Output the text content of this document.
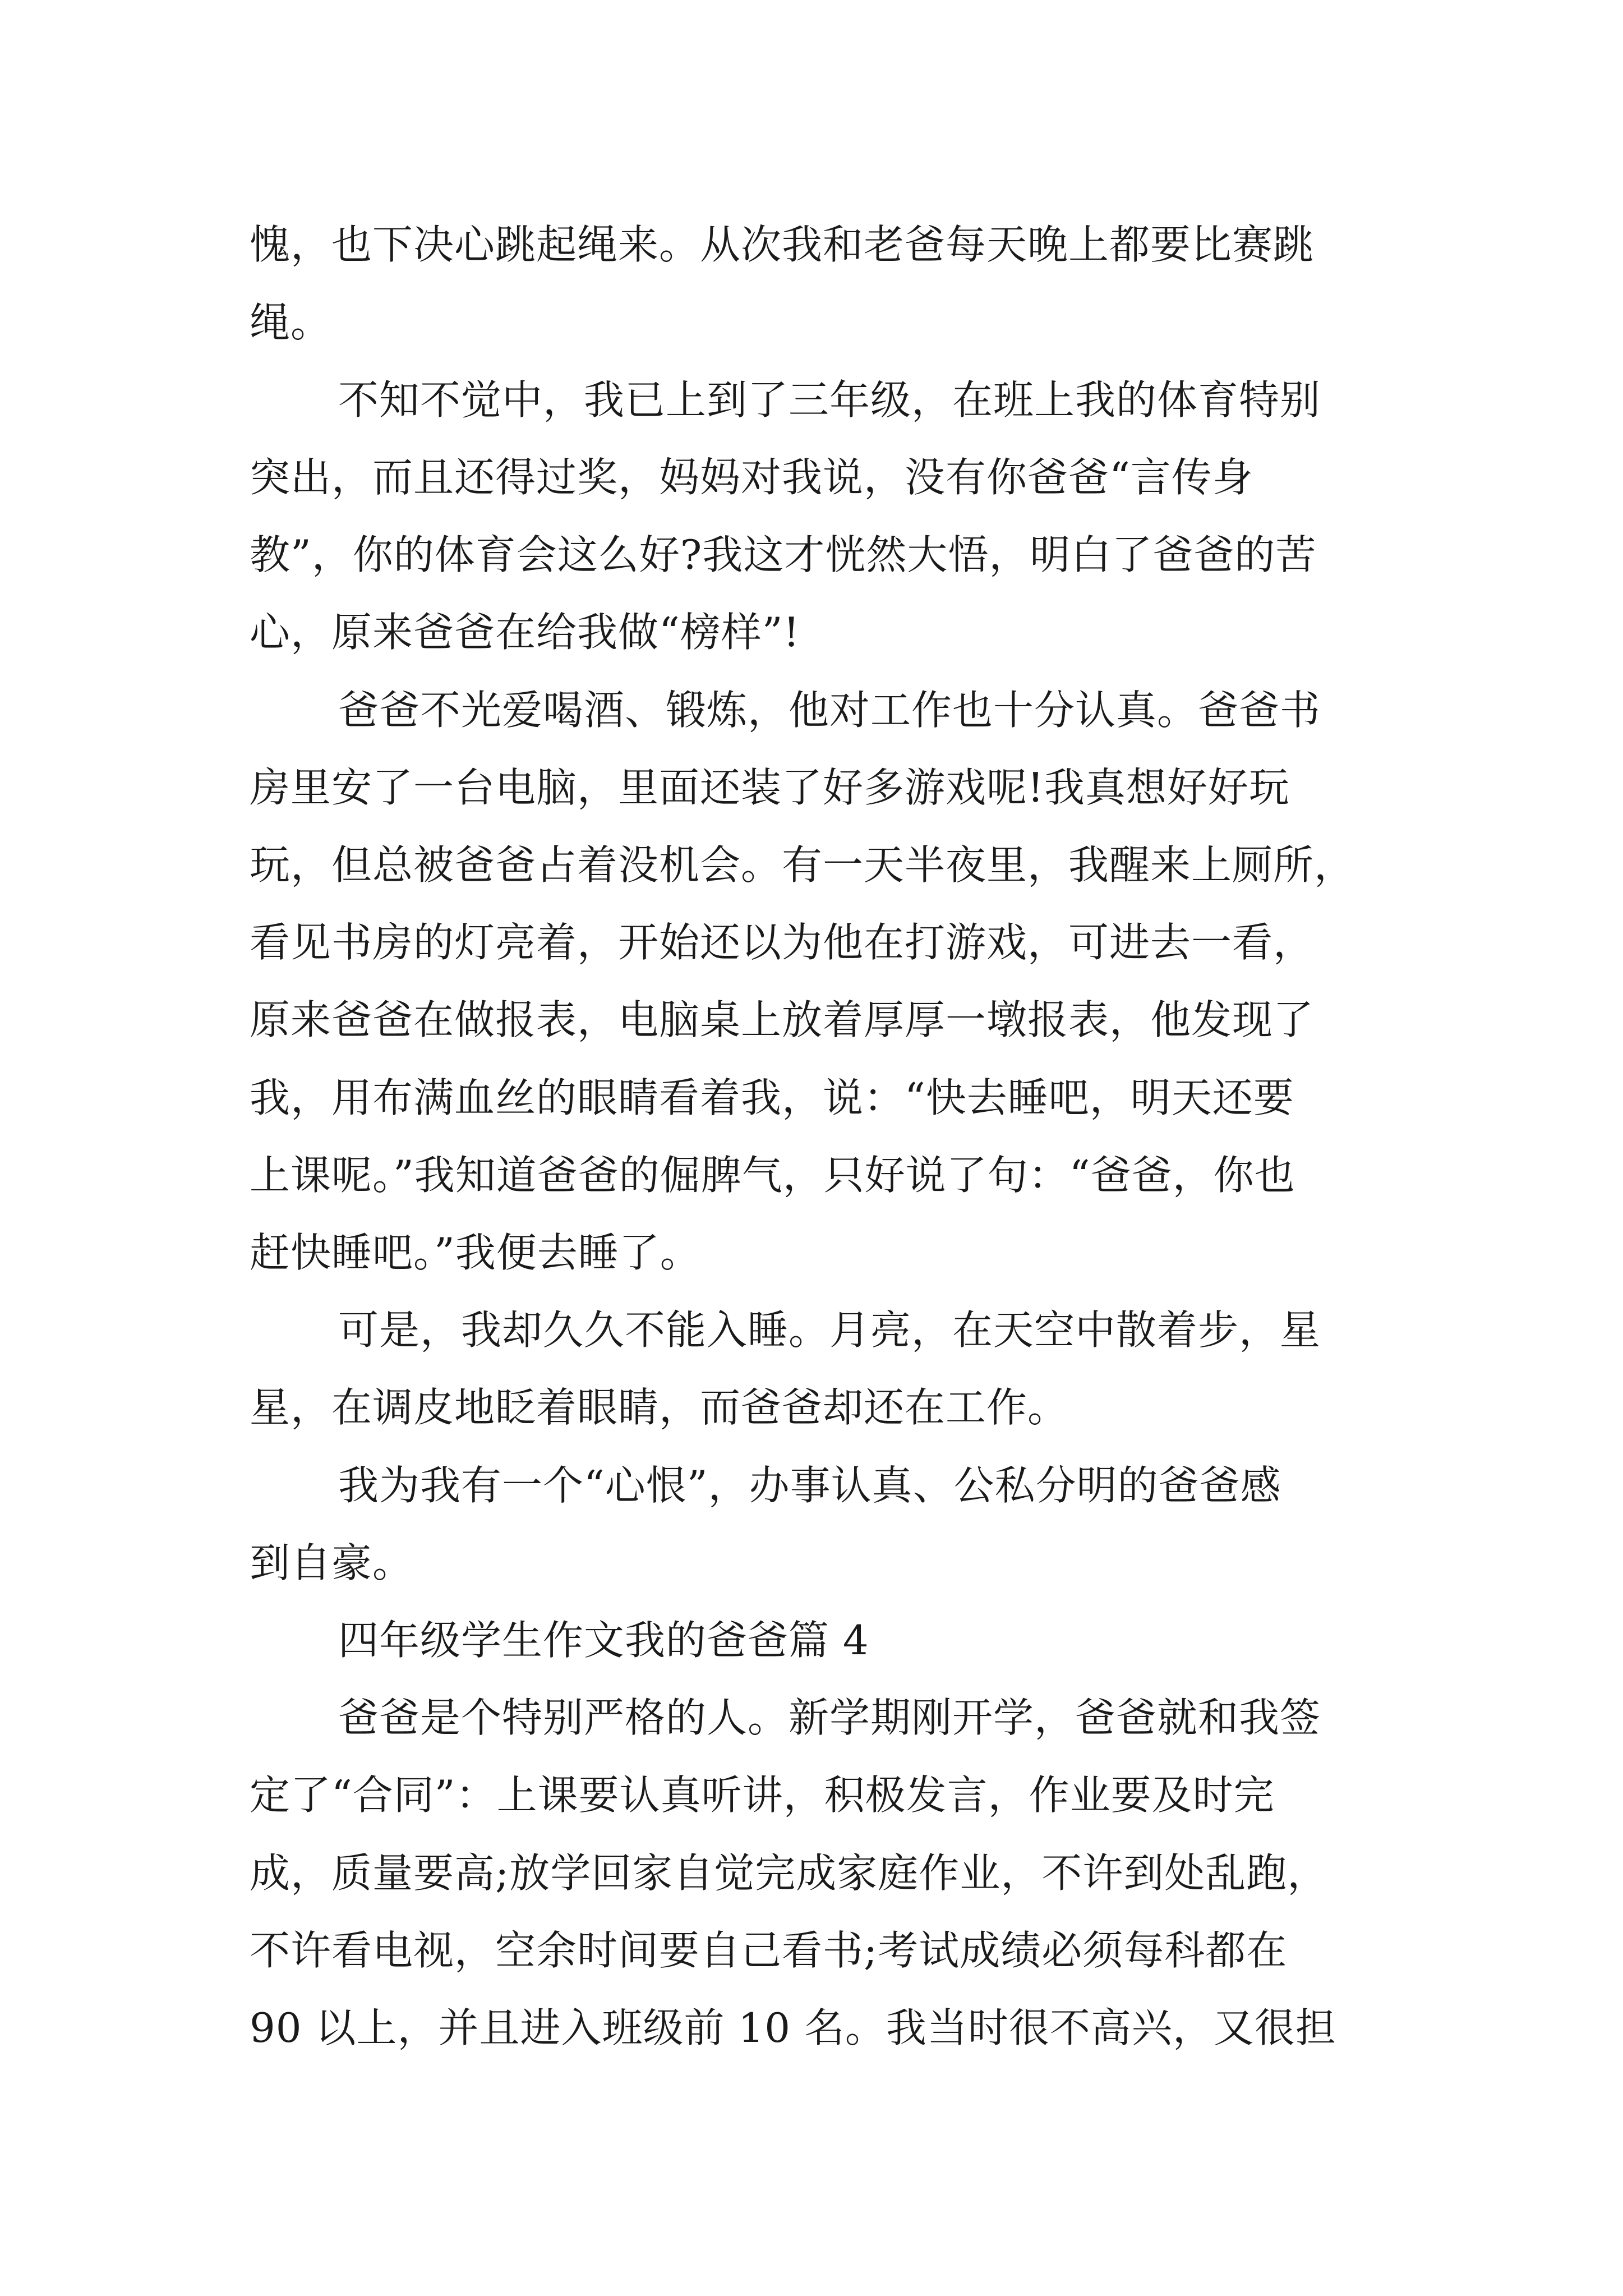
愧，也下决心跳起绳来。从次我和老爸每天晚上都要比赛跳
绳。
不知不觉中，我已上到了三年级，在班上我的体育特别
突出，而且还得过奖，妈妈对我说，没有你爸爸“言传身
教”，你的体育会这么好?我这才恍然大悟，明白了爸爸的苦
心，原来爸爸在给我做“榜样”!
爸爸不光爱喝酒、锻炼，他对工作也十分认真。爸爸书
房里安了一台电脑，里面还装了好多游戏呢!我真想好好玩
玩，但总被爸爸占着没机会。有一天半夜里，我醒来上厕所，
看见书房的灯亮着，开始还以为他在打游戏，可进去一看，
原来爸爸在做报表，电脑桌上放着厚厚一墩报表，他发现了
我，用布满血丝的眼睛看着我，说：“快去睡吧，明天还要
上课呢。”我知道爸爸的倔脾气，只好说了句：“爸爸，你也
赶快睡吧。”我便去睡了。
可是，我却久久不能入睡。月亮，在天空中散着步，星
星，在调皮地眨着眼睛，而爸爸却还在工作。
我为我有一个“心恨”，办事认真、公私分明的爸爸感
到自豪。
四年级学生作文我的爸爸篇 4
爸爸是个特别严格的人。新学期刚开学，爸爸就和我签
定了“合同”：上课要认真听讲，积极发言，作业要及时完
成，质量要高;放学回家自觉完成家庭作业，不许到处乱跑，
不许看电视，空余时间要自己看书;考试成绩必须每科都在
90 以上，并且进入班级前 10 名。我当时很不高兴，又很担
